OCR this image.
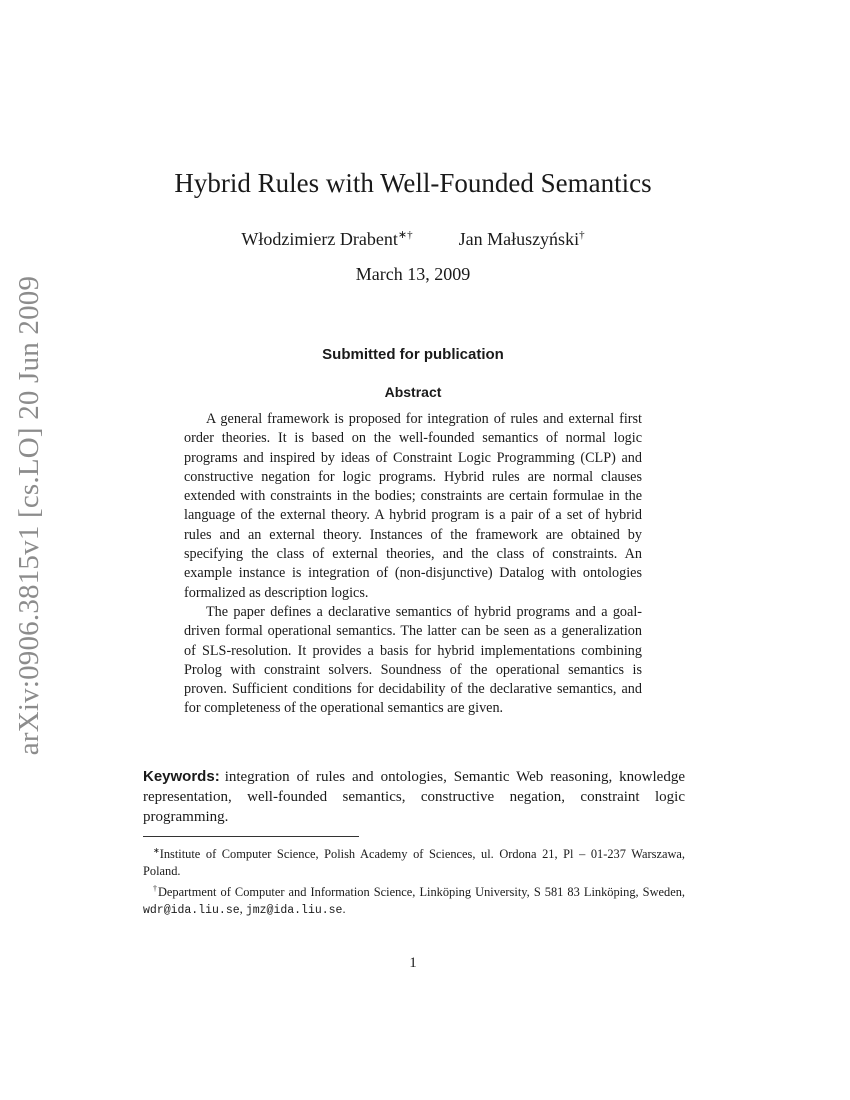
arXiv:0906.3815v1 [cs.LO] 20 Jun 2009
Hybrid Rules with Well-Founded Semantics
Włodzimierz Drabent∗†	Jan Małuszyński†
March 13, 2009
Submitted for publication
Abstract

A general framework is proposed for integration of rules and external first order theories. It is based on the well-founded semantics of normal logic programs and inspired by ideas of Constraint Logic Programming (CLP) and constructive negation for logic programs. Hybrid rules are normal clauses extended with constraints in the bodies; constraints are certain formulae in the language of the external theory. A hybrid program is a pair of a set of hybrid rules and an external theory. Instances of the framework are obtained by specifying the class of external theories, and the class of constraints. An example instance is integration of (non-disjunctive) Datalog with ontologies formalized as description logics.

The paper defines a declarative semantics of hybrid programs and a goal-driven formal operational semantics. The latter can be seen as a generalization of SLS-resolution. It provides a basis for hybrid implementations combining Prolog with constraint solvers. Soundness of the operational semantics is proven. Sufficient conditions for decidability of the declarative semantics, and for completeness of the operational semantics are given.

Keywords: integration of rules and ontologies, Semantic Web reasoning, knowledge representation, well-founded semantics, constructive negation, constraint logic programming.

∗Institute of Computer Science, Polish Academy of Sciences, ul. Ordona 21, Pl – 01-237 Warszawa, Poland.

†Department of Computer and Information Science, Linköping University, S 581 83 Linköping, Sweden, wdr@ida.liu.se, jmz@ida.liu.se.

1
